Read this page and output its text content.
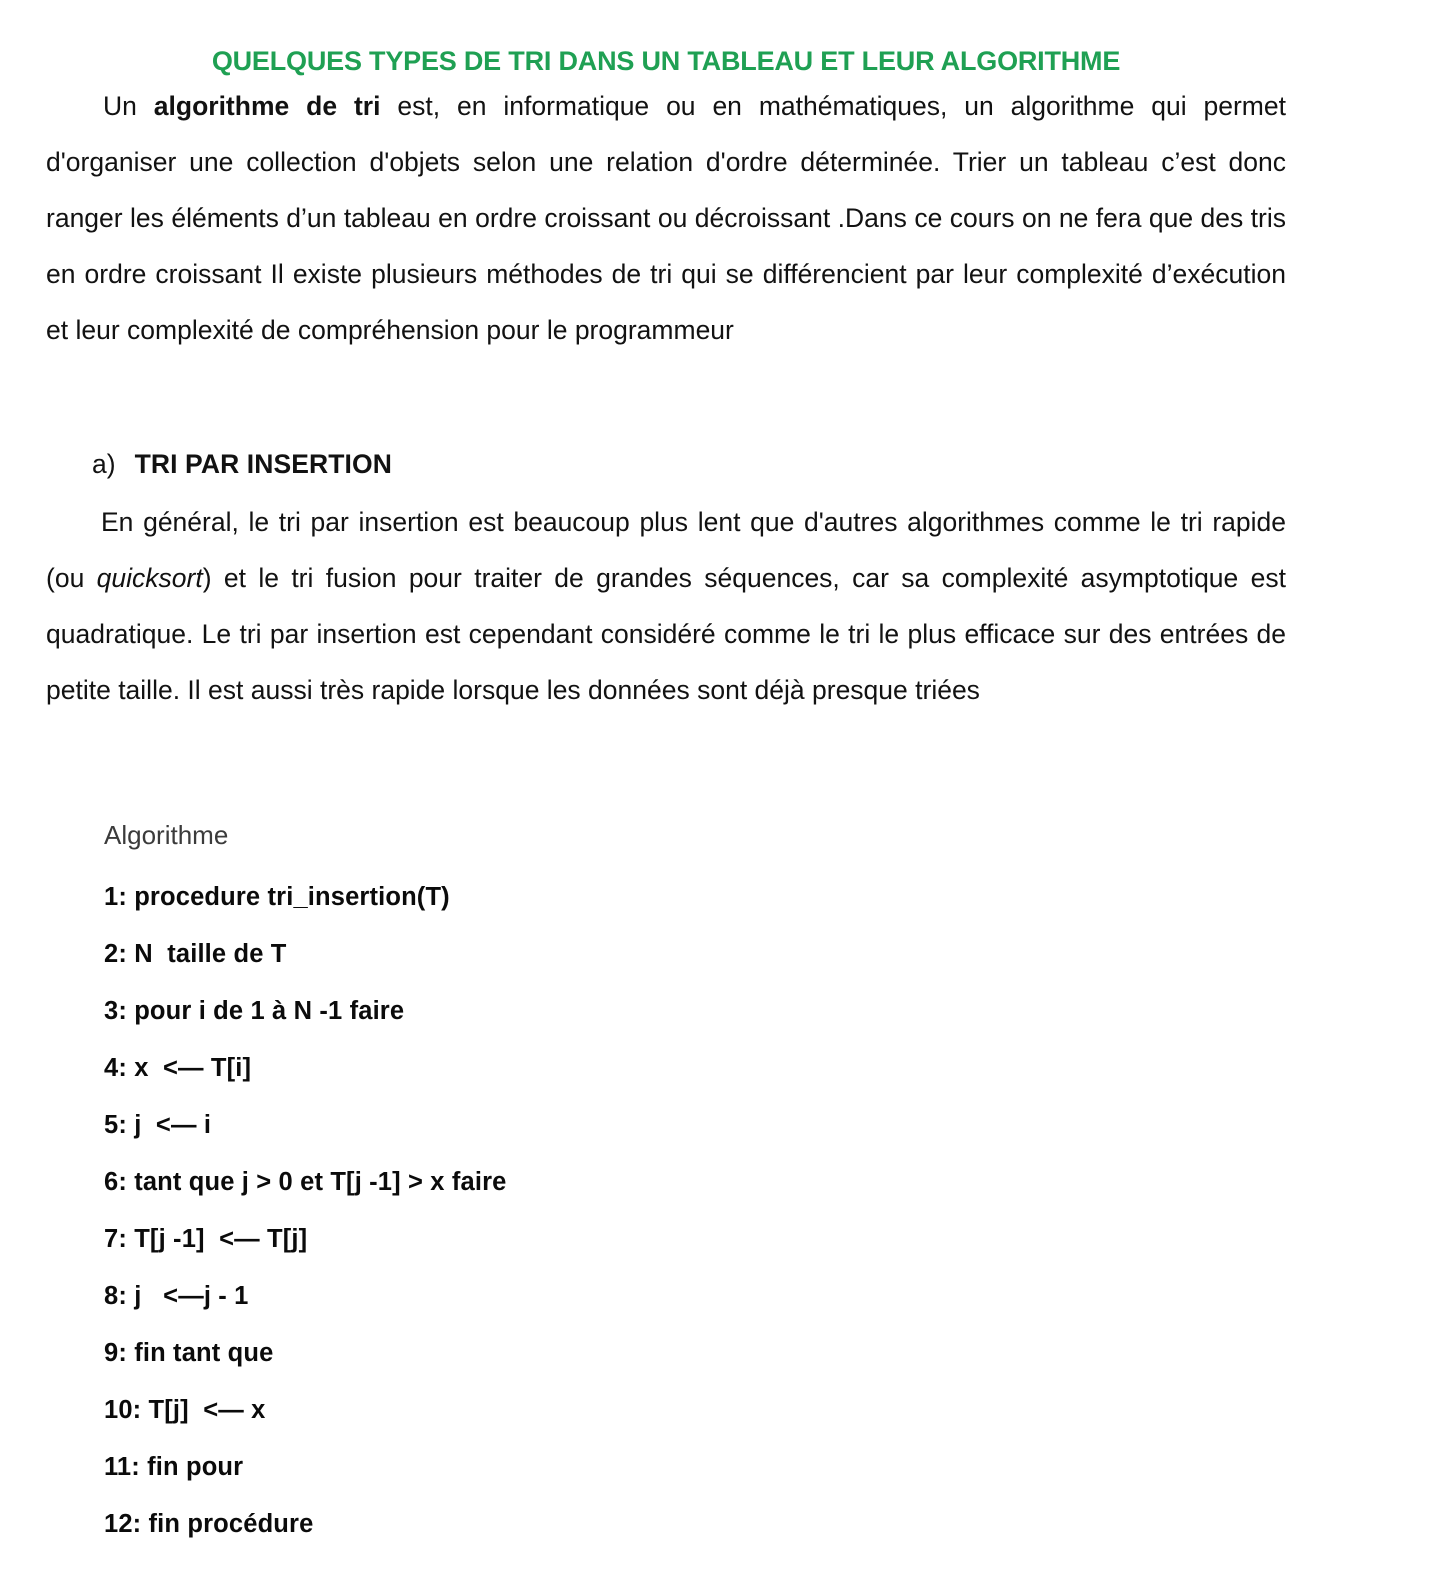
QUELQUES TYPES DE TRI DANS UN TABLEAU ET LEUR ALGORITHME

Un algorithme de tri est, en informatique ou en mathématiques, un algorithme qui permet d'organiser une collection d'objets selon une relation d'ordre déterminée. Trier un tableau c’est donc ranger les éléments d’un tableau en ordre croissant ou décroissant .Dans ce cours on ne fera que des tris en ordre croissant Il existe plusieurs méthodes de tri qui se différencient par leur complexité d’exécution et leur complexité de compréhension pour le programmeur

En général, le tri par insertion est beaucoup plus lent que d'autres algorithmes comme le tri rapide (ou quicksort) et le tri fusion pour traiter de grandes séquences, car sa complexité asymptotique est quadratique. Le tri par insertion est cependant considéré comme le tri le plus efficace sur des entrées de petite taille. Il est aussi très rapide lorsque les données sont déjà presque triées

a) TRI PAR INSERTION
Algorithme
1: procedure tri_insertion(T)
2: N  taille de T
3: pour i de 1 à N -1 faire
4: x  <— T[i]
5: j  <— i
6: tant que j > 0 et T[j -1] > x faire
7: T[j -1]  <— T[j]
8: j   <—j - 1
9: fin tant que
10: T[j]  <— x
11: fin pour
12: fin procédure
